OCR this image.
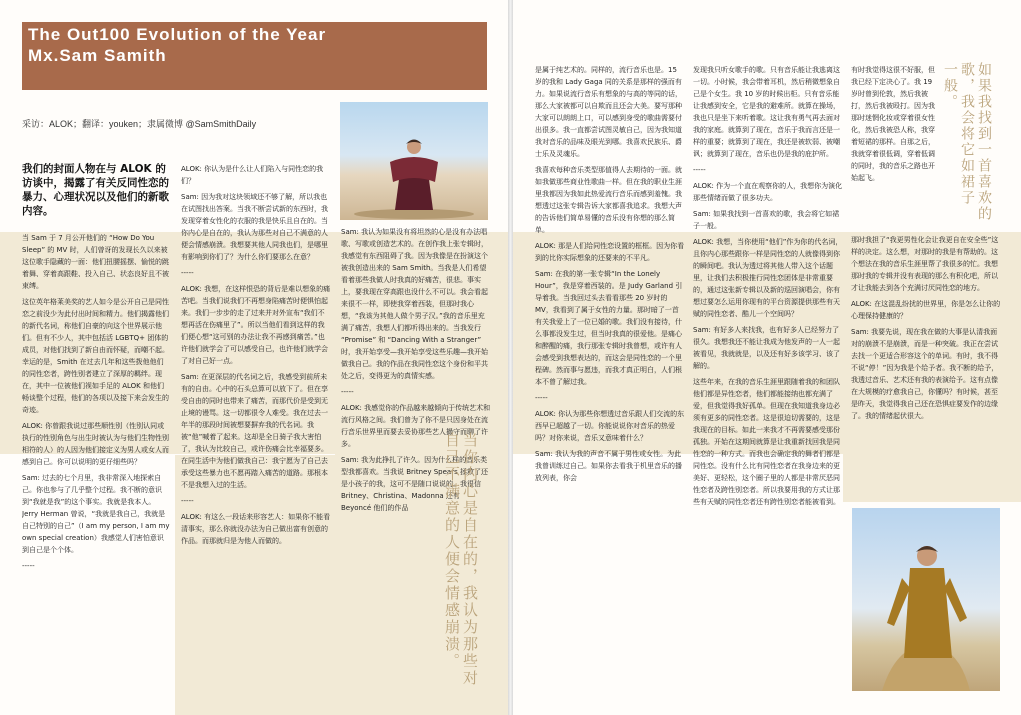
The Out100 Evolution of the Year
Mx.Sam Samith
采访：ALOK；翻译：youken；隶属微博 @SamSmithDaily
我们的封面人物在与 ALOK 的访谈中，揭露了有关反同性恋的暴力、心理状况以及他们的新歌内容。

当 Sam 于 7 月公开他们的 “How Do You Sleep” 的 MV 时，人们曾讶的发现长久以来被这位歌手隐藏的一面：他们扭腰摇摆、愉悦的跳着舞、穿着高跟鞋、投入自己、状态良好且不被束缚。

这位英年格莱美奖的艺人如今是公开自己是同性恋之前没少为此付出时间和精力。他们揭露他们的新代名词，称他们自豪的向这个世界展示他们。但有不少人，其中包括活 LGBTQ+ 团体的成员，对他们找到了新自由而怀疑，而嘲不起。幸运的是，Smith 在过去几年和这些拨他他们的同性恋者，跨性别者建立了深厚的羁绊。现在，其中一位被他们视如手足的 ALOK 和他们畅谈整个过程，他们的各项以及接下来会发生的奇迹。

ALOK: 你曾跟我说过那些顺性别（性别认同或执行的性别角色与出生时被认为与他们生物性别相符的人）的人因为他们接定义为男人或女人而感到自己。你可以说明的更仔细些吗？

Sam: 过去的七个月里，我非常深入地探索自己。你也参与了几乎整个过程。我不断的意识到“我就是我”的这个事实。我就是我本人。Jerry Herman 曾说，“我就是我自己，我就是自己特别的自己”（I am my person, I am my own special creation）我感觉人们害怕意识到自己是个个体。

-----

ALOK: 你认为是什么让人们陷入与同性恋的我们？

Sam: 因为我对这块领域还不够了解，所以我也在试图找出答案。当我不断尝试新的东西时，我发现穿着女性化的衣服的我是快乐且自在的。当你内心是自在的，我认为那些对自己不满意的人便会情感崩溃。我想要其他人同我也们，是哪里有影响到你们了？为什么你们要那么在意？

-----

ALOK: 我想，在这样恨恐的背后是难以想象的痛苦吧。当我们说我们不再想身陷痛苦时便惧怕起来。我们一步步的走了过来并对外宣布“我们不想再活在伤痛里了”。所以当他们看到这样的我们便心想“这可别的办法让我不再感到痛苦。”也许他们就学会了可以感受自己，也许他们就学会了对自己好一点。

Sam: 在更深层的代名词之后，我感受到前所未有的自由。心中的石头总算可以放下了。但在享受自由的同时也带来了痛苦，而那代价是受到无止境的谩骂。这一切都很令人难受。我在过去一年半的那段时间被想要摒弃我的代名词。我被“他”喊着了起来。这却是全日骑子我大害怕了，我认为比较自己，或许伤痛会比幸福要多。在同生活中为他们做我自己：我宁愿为了自己去承受这些暴力也不愿再踏入痛苦的道路。那根本不是我想入过的生活。

-----

ALOK: 有这么一段话来形容艺人：如果你不能看清事实，那么你就没办法为自己做出富有创意的作品。而那就归是为他人而做的。

Sam: 我认为如果没有将坦然的心是没有办法唱歌、写歌或创造艺术的。在创作我上张专辑时，我感觉有东西阻碍了我。因为我像是在扮演这个被我创造出来的 Sam Smith。当我是人们希望看着那些我做人时我真的好痛苦，很悲。事实上，要我现在穿高跟也没什么不可以。我会看起来很不一样，即使我穿着西装，但那时我心想，“我该为其他人做个男子汉。”我的音乐里充满了痛苦，我想人们都听得出来的。当我发行 “Promise” 和 “Dancing With a Stranger” 时，我开始享受—我开始享受这些乐趣—我开始做我自己。我的作品在我同性恋这个身份和平共处之后，变得更为的真情实感。

-----

ALOK: 我感觉你的作品越来越倾向于传统艺术和流行风格之间。我们曾为了你不是只因身处在流行音乐世界里而要去妥协那些艺人撮守而聊了许多。

Sam: 我为此挣扎了许久。因为什么样的音乐类型我都喜欢。当我说 Britney Spears 拯救了还是小孩子的我，这可不是随口说说的。我很信 Britney、Christina、Madonna 还有 Beyoncé 他们的作品	当你内心是自在的，我认为那些对
自己不满意的人便会情感崩溃。

是属于纯艺术的。同样的，流行音乐也是。15 岁的我和 Lady Gaga 同的关系是那样的强而有力。如果说流行音乐有想象的与高的等同的话，那么大家被都可以自欺而且还会大美。要写那种大家可以朗朗上口，可以感到身受的歌曲需要付出很多。我一直都尝试图灵敏自己，因为我知道我对音乐的品味及眼光到哪。我喜欢民族乐、爵士乐及灵魂乐。

我喜欢每种音乐类型那值得人去期待的一面。就如我做那些商业性歌曲一样。但在我的职业生涯里我都因为我如此热爱流行音乐而感到羞愧。我想透过这张专辑告诉大家都喜我追求。我想大声的告诉他们简单易懂的音乐没有你想的那么简单。

ALOK: 那是人们给同性恋设置的框框。因为你看到的比你实际想象的还要来的不平凡。

Sam: 在我的第一张专辑“In the Lonely Hour”，我是穿着西装的。是 Judy Garland 引导着我。当我回过头去看看那些 20 岁时的 MV，我看到了属于女性的力量。那时暗了一首有关我爱上了一位已婚的歌。我们没有接待，什么事都没发生过，但当时我真的很爱他。是痛心和醉醒的痛，我行那张专辑时我曾想，或许有人会感受到我想表达的，而这会是同性恋的一个里程碑。然而事与愿违，而我才真正明白，人们根本不曾了解过我。

-----

ALOK: 你认为那些你想透过音乐跟人们交流的东西早已超越了一切。你能说说你对音乐的热爱吗？对你来说，音乐又意味着什么？

Sam: 我认为我的声音不属于男性或女性。为此我曾训练过自己。如果你去看我于机里音乐的播放列表，你会

发现我只听女歌手的歌。只有音乐能让我逃离这一切。小时候，我会带着耳机，然后稍微想象自己是个女生。我 10 岁的时候出柜。只有音乐能让我感到安全，它是我的避难所。就算在操场，我也只是坐下来听着歌。这让我有勇气再去面对我的家庭。就算到了现在，音乐于我而言还是一样的重要；就算到了现在，我还是被软弱、被嘲讽；就算到了现在，音乐也仍是我的庇护所。

-----

ALOK: 作为一个直在观察你的人，我想你为演化那些情绪而做了很多功夫。

Sam: 如果我找到一首喜欢的歌，我会将它如裙子一般。

ALOK: 我想，当你使用“他们”作为你的代名词，且你内心那些跟你一样是同性恋的人就像得到你的瞬间吧。我认为透过将其他人带入这个话题里，让我们去积极推行同性恋团体是非常重要的，通过这张新专辑以及新的巡回演唱会，你有想过要怎么运用你现有的平台资源提供那些有天赋的同性恋者、酷儿一个空间吗？

Sam: 有好多人来找我，也有好多人已经努力了很久。我想我还不能让我成为他发声的一人一起被看见，我就就是，以及还有好多该学习、该了解的。

这些年来，在我的音乐生涯里跟随着我的和团队他们都是异性恋者，他们都能接纳也都充满了爱，但我觉得我好孤单。但现在我知道我身边必须有更多的同性恋者。这是很迫切需要的，这是我现在的目标。如此一来我才不再需要感受那份孤独。开始在这期间就算是让我重新找回我是同性恋的一种方式。而我也会确定我的舞者们都是同性恋。没有什么比有同性恋者在我身边来的更美好、更轻松，这个圈子里的人都是非常厌恶同性恋者及跨性别恋者。所以我要用我的方式让那些有天赋的同性恋者还有跨性别恋者能被看到。

有时我觉得这很不好服，但我已经下定决心了。我 19 岁时曾到伦敦，然后我被打，然后我被殴打。因为我那时迷惘化妆或穿着很女性化，然后我被恐人称，我穿着短裙的那样。自那之后，我就穿着很低调，穿着低调的同时，我的音乐之路也开始起飞。

那时我担了“我更男性化会让我更自在安全些”这样的决定。这么想，对那时的我是有帮助的。这个想法在我的音乐生涯里帮了我很多的忙。我想那时我的专辑并没有表现的那么有积化吧，所以才让我能去到各个充满讨厌同性恋的地方。

ALOK: 在这混乱纷扰的世界里，你是怎么让你的心理保持健康的？

Sam: 我要先说，现在我在做的大事是认清我面对的崩溃不是崩溃，而是一种突破。我正在尝试去找一个更适合形容这个的单词。有时，我不得不说“停！”因为我是个给予者。我不断的给予，我透过音乐、艺术还有我的表演给予。这有点像在大规模的疗愈我自己，你懂吗？有时候，甚至是昨天，我觉得我自己还在恐惧症要发作的边缘了。我的情绪起伏很大。

如果我找到一首喜欢的
歌，我会将它如裙子
一般。
